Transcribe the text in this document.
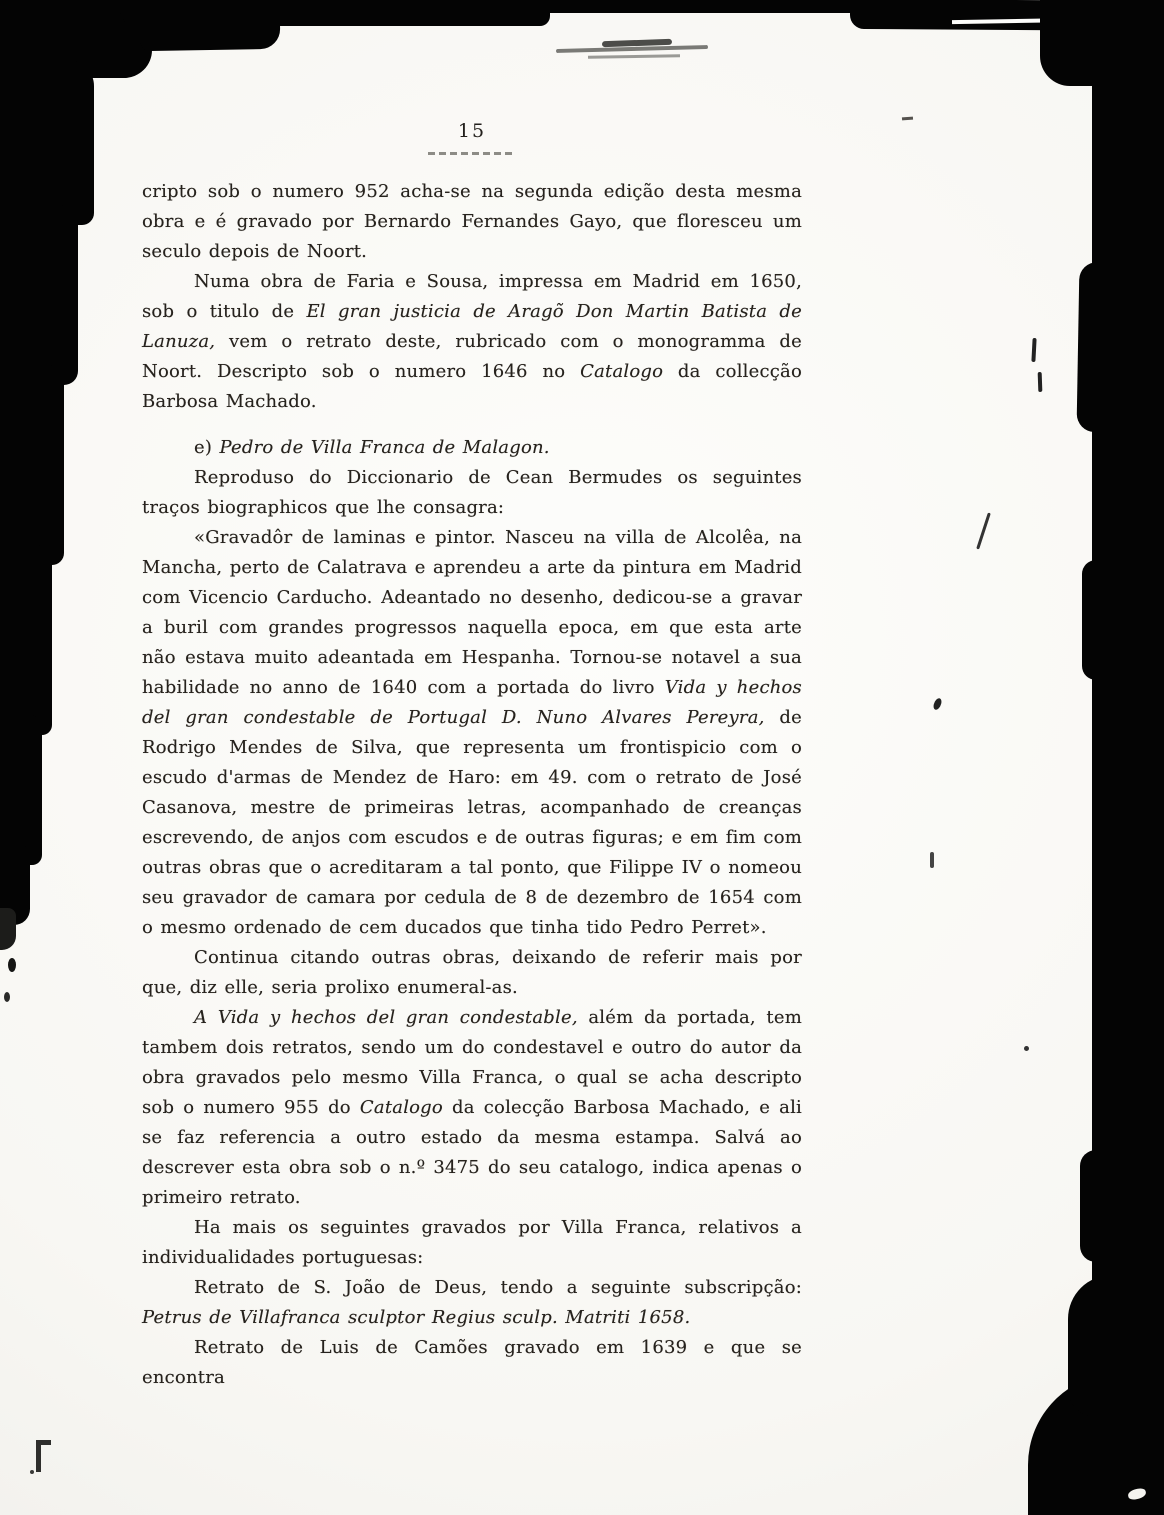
15

cripto sob o numero 952 acha-se na segunda edição desta mesma obra e é gravado por Bernardo Fernandes Gayo, que floresceu um seculo depois de Noort.

Numa obra de Faria e Sousa, impressa em Madrid em 1650, sob o titulo de El gran justicia de Aragõ Don Martin Batista de Lanuza, vem o retrato deste, rubricado com o monogramma de Noort. Descripto sob o numero 1646 no Catalogo da collecção Barbosa Machado.

e) Pedro de Villa Franca de Malagon.

Reproduso do Diccionario de Cean Bermudes os seguintes traços biographicos que lhe consagra:

«Gravadôr de laminas e pintor. Nasceu na villa de Alcolêa, na Mancha, perto de Calatrava e aprendeu a arte da pintura em Madrid com Vicencio Carducho. Adeantado no desenho, dedicou-se a gravar a buril com grandes progressos naquella epoca, em que esta arte não estava muito adeantada em Hespanha. Tornou-se notavel a sua habilidade no anno de 1640 com a portada do livro Vida y hechos del gran condestable de Portugal D. Nuno Alvares Pereyra, de Rodrigo Mendes de Silva, que representa um frontispicio com o escudo d'armas de Mendez de Haro: em 49. com o retrato de José Casanova, mestre de primeiras letras, acompanhado de creanças escrevendo, de anjos com escudos e de outras figuras; e em fim com outras obras que o acreditaram a tal ponto, que Filippe IV o nomeou seu gravador de camara por cedula de 8 de dezembro de 1654 com o mesmo ordenado de cem ducados que tinha tido Pedro Perret».

Continua citando outras obras, deixando de referir mais por que, diz elle, seria prolixo enumeral-as.

A Vida y hechos del gran condestable, além da portada, tem tambem dois retratos, sendo um do condestavel e outro do autor da obra gravados pelo mesmo Villa Franca, o qual se acha descripto sob o numero 955 do Catalogo da colecção Barbosa Machado, e ali se faz referencia a outro estado da mesma estampa. Salvá ao descrever esta obra sob o n.º 3475 do seu catalogo, indica apenas o primeiro retrato.

Ha mais os seguintes gravados por Villa Franca, relativos a individualidades portuguesas:

Retrato de S. João de Deus, tendo a seguinte subscripção: Petrus de Villafranca sculptor Regius sculp. Matriti 1658.

Retrato de Luis de Camões gravado em 1639 e que se encontra
